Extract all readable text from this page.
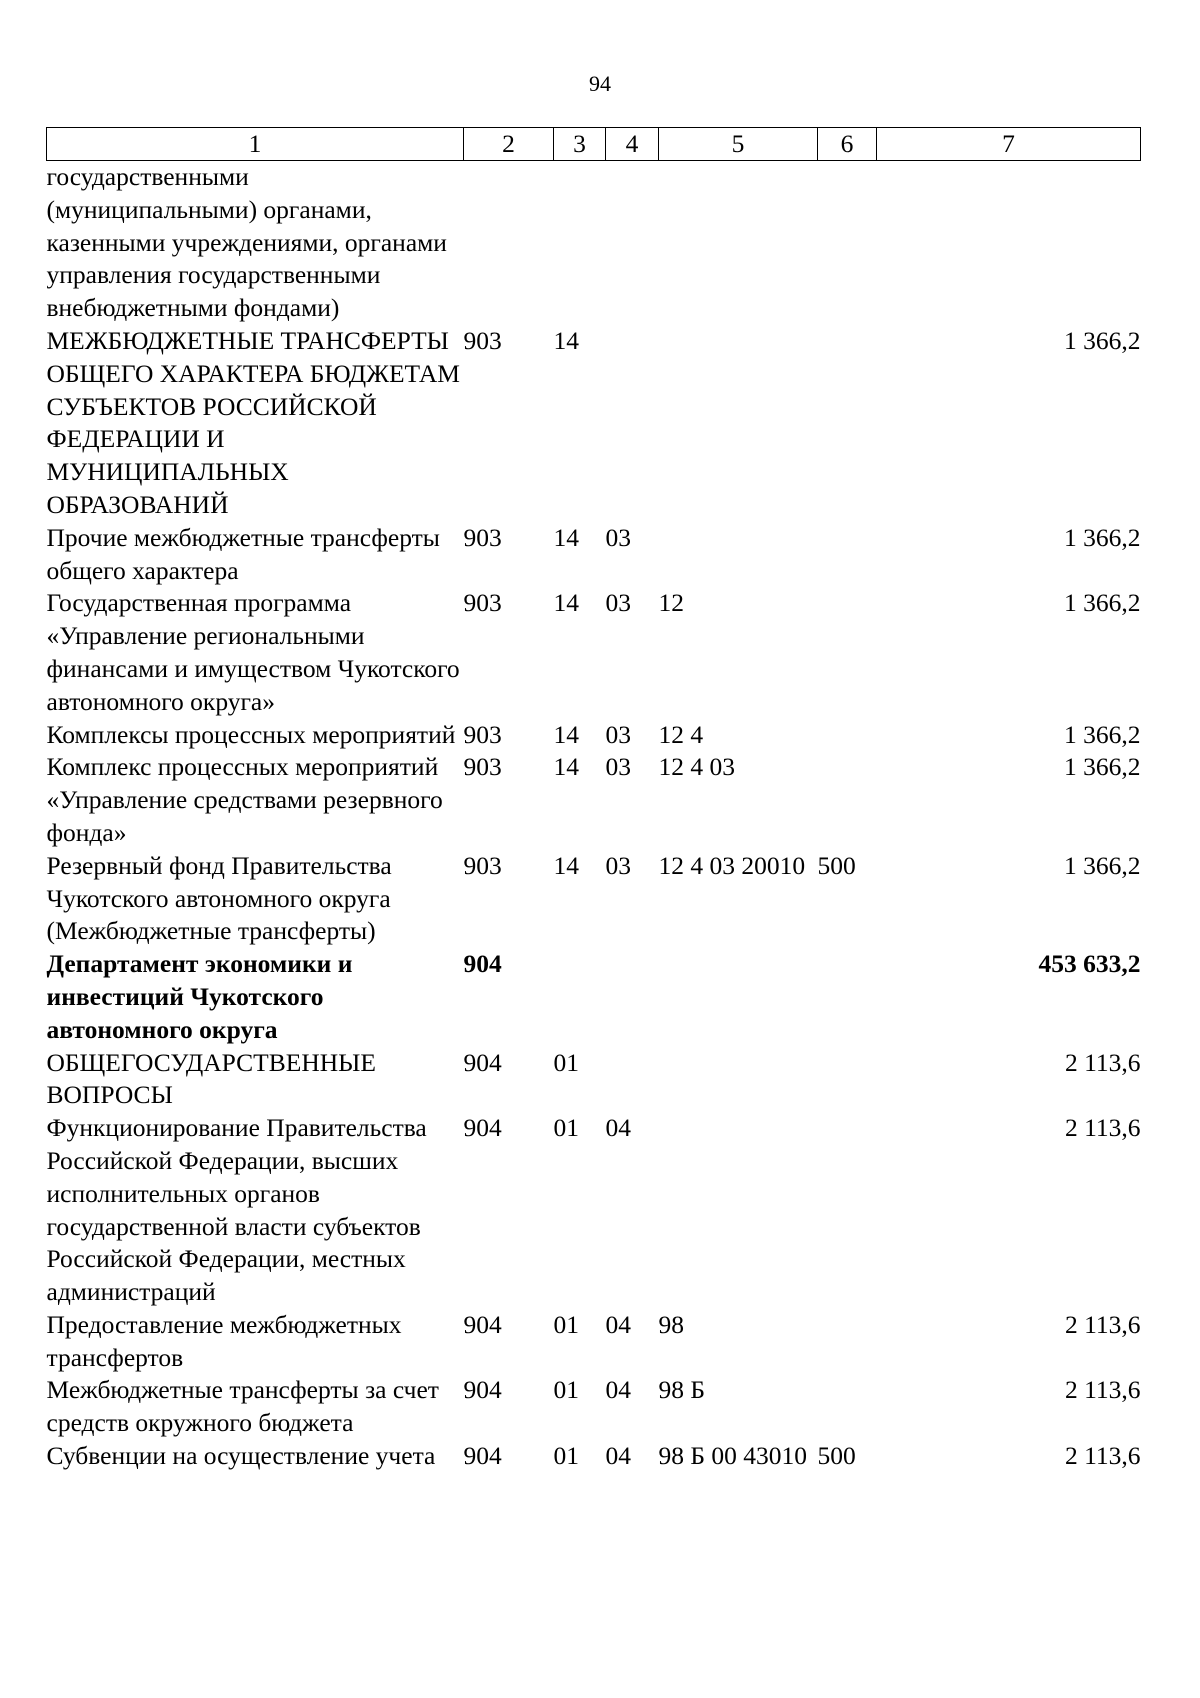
94
1	2	3	4	5	6	7
государственными (муниципальными) органами, казенными учреждениями, органами управления государственными внебюджетными фондами)						
МЕЖБЮДЖЕТНЫЕ ТРАНСФЕРТЫ ОБЩЕГО ХАРАКТЕРА БЮДЖЕТАМ СУБЪЕКТОВ РОССИЙСКОЙ ФЕДЕРАЦИИ И МУНИЦИПАЛЬНЫХ ОБРАЗОВАНИЙ	903	14				1 366,2
Прочие межбюджетные трансферты общего характера	903	14	03			1 366,2
Государственная программа «Управление региональными финансами и имуществом Чукотского автономного округа»	903	14	03	12		1 366,2
Комплексы процессных мероприятий	903	14	03	12 4		1 366,2
Комплекс процессных мероприятий «Управление средствами резервного фонда»	903	14	03	12 4 03		1 366,2
Резервный фонд Правительства Чукотского автономного округа (Межбюджетные трансферты)	903	14	03	12 4 03 20010	500	1 366,2
Департамент экономики и инвестиций Чукотского автономного округа	904					453 633,2
ОБЩЕГОСУДАРСТВЕННЫЕ ВОПРОСЫ	904	01				2 113,6
Функционирование Правительства Российской Федерации, высших исполнительных органов государственной власти субъектов Российской Федерации, местных администраций	904	01	04			2 113,6
Предоставление межбюджетных трансфертов	904	01	04	98		2 113,6
Межбюджетные трансферты за счет средств окружного бюджета	904	01	04	98 Б		2 113,6
Субвенции на осуществление учета	904	01	04	98 Б 00 43010	500	2 113,6
